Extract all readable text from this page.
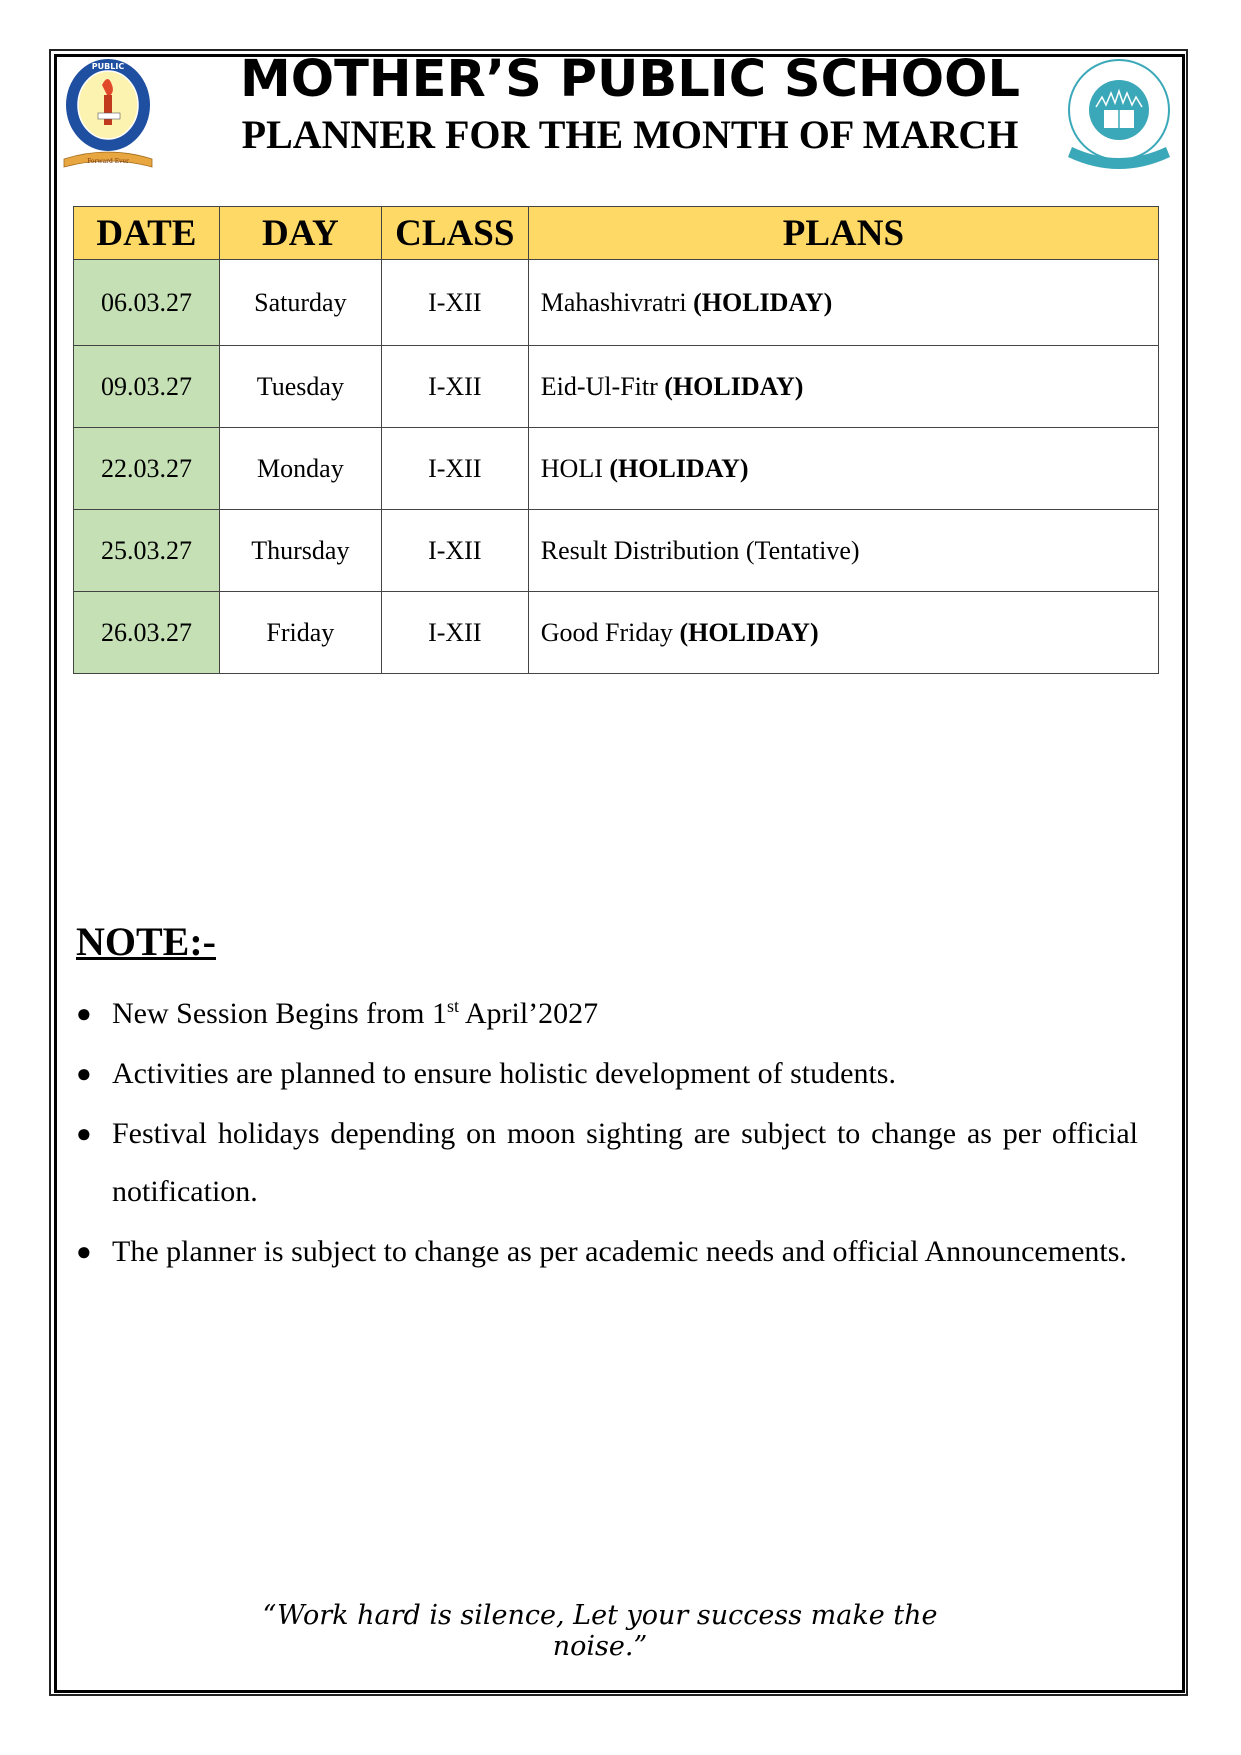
PUBLIC
Forward Ever
MOTHER’S PUBLIC SCHOOL
PLANNER FOR THE MONTH OF MARCH
DATE	DAY	CLASS	PLANS
06.03.27	Saturday	I-XII	Mahashivratri (HOLIDAY)
09.03.27	Tuesday	I-XII	Eid-Ul-Fitr (HOLIDAY)
22.03.27	Monday	I-XII	HOLI (HOLIDAY)
25.03.27	Thursday	I-XII	Result Distribution (Tentative)
26.03.27	Friday	I-XII	Good Friday (HOLIDAY)
NOTE:-
● New Session Begins from 1st April’2027
● Activities are planned to ensure holistic development of students.
● Festival holidays depending on moon sighting are subject to change as per official notification.
● The planner is subject to change as per academic needs and official Announcements.
“Work hard is silence, Let your success make the noise.”
